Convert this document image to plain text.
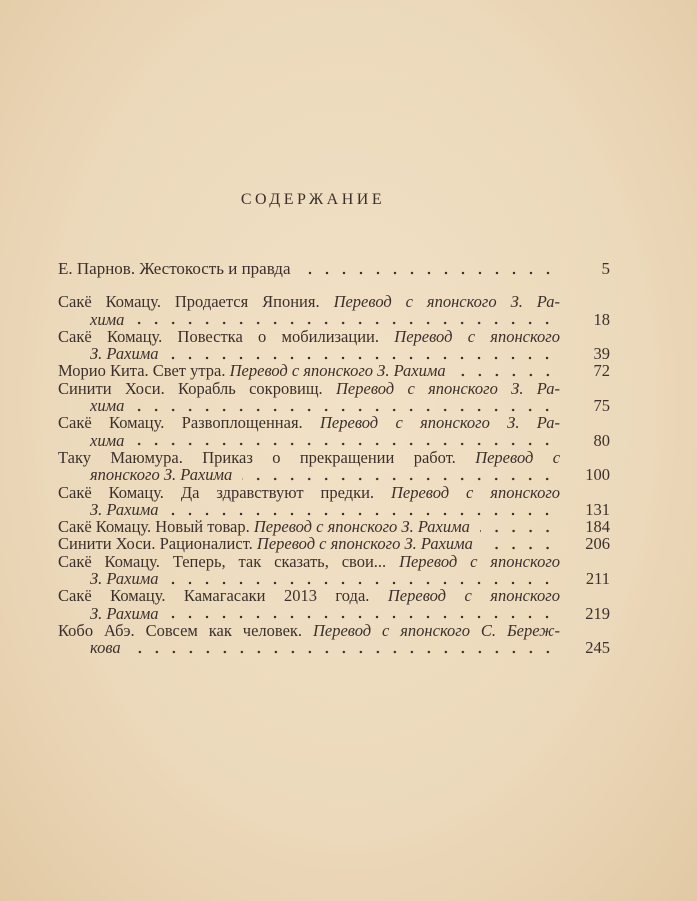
СОДЕРЖАНИЕ
Е. Парнов. Жестокость и правда	5
Сакё Комацу. Продается Япония. Перевод с японского З. Ра-
хима	18
Сакё Комацу. Повестка о мобилизации. Перевод с японского
З. Рахима	39
Морио Кита. Свет утра.
Перевод с японского З. Рахима	72
Синити Хоси. Корабль сокровищ. Перевод с японского З. Ра-
хима	75
Сакё Комацу. Развоплощенная. Перевод с японского З. Ра-
хима	80
Таку Маюмура. Приказ о прекращении работ. Перевод с
японского З. Рахима	100
Сакё Комацу. Да здравствуют предки. Перевод с японского
З. Рахима	131
Сакё Комацу. Новый товар.
Перевод с японского З. Рахима	184
Синити Хоси. Рационалист.
Перевод с японского З. Рахима	206
Сакё Комацу. Теперь, так сказать, свои... Перевод с японского
З. Рахима	211
Сакё Комацу. Камагасаки 2013 года. Перевод с японского
З. Рахима	219
Кобо Абэ. Совсем как человек. Перевод с японского С. Береж-
кова	245
